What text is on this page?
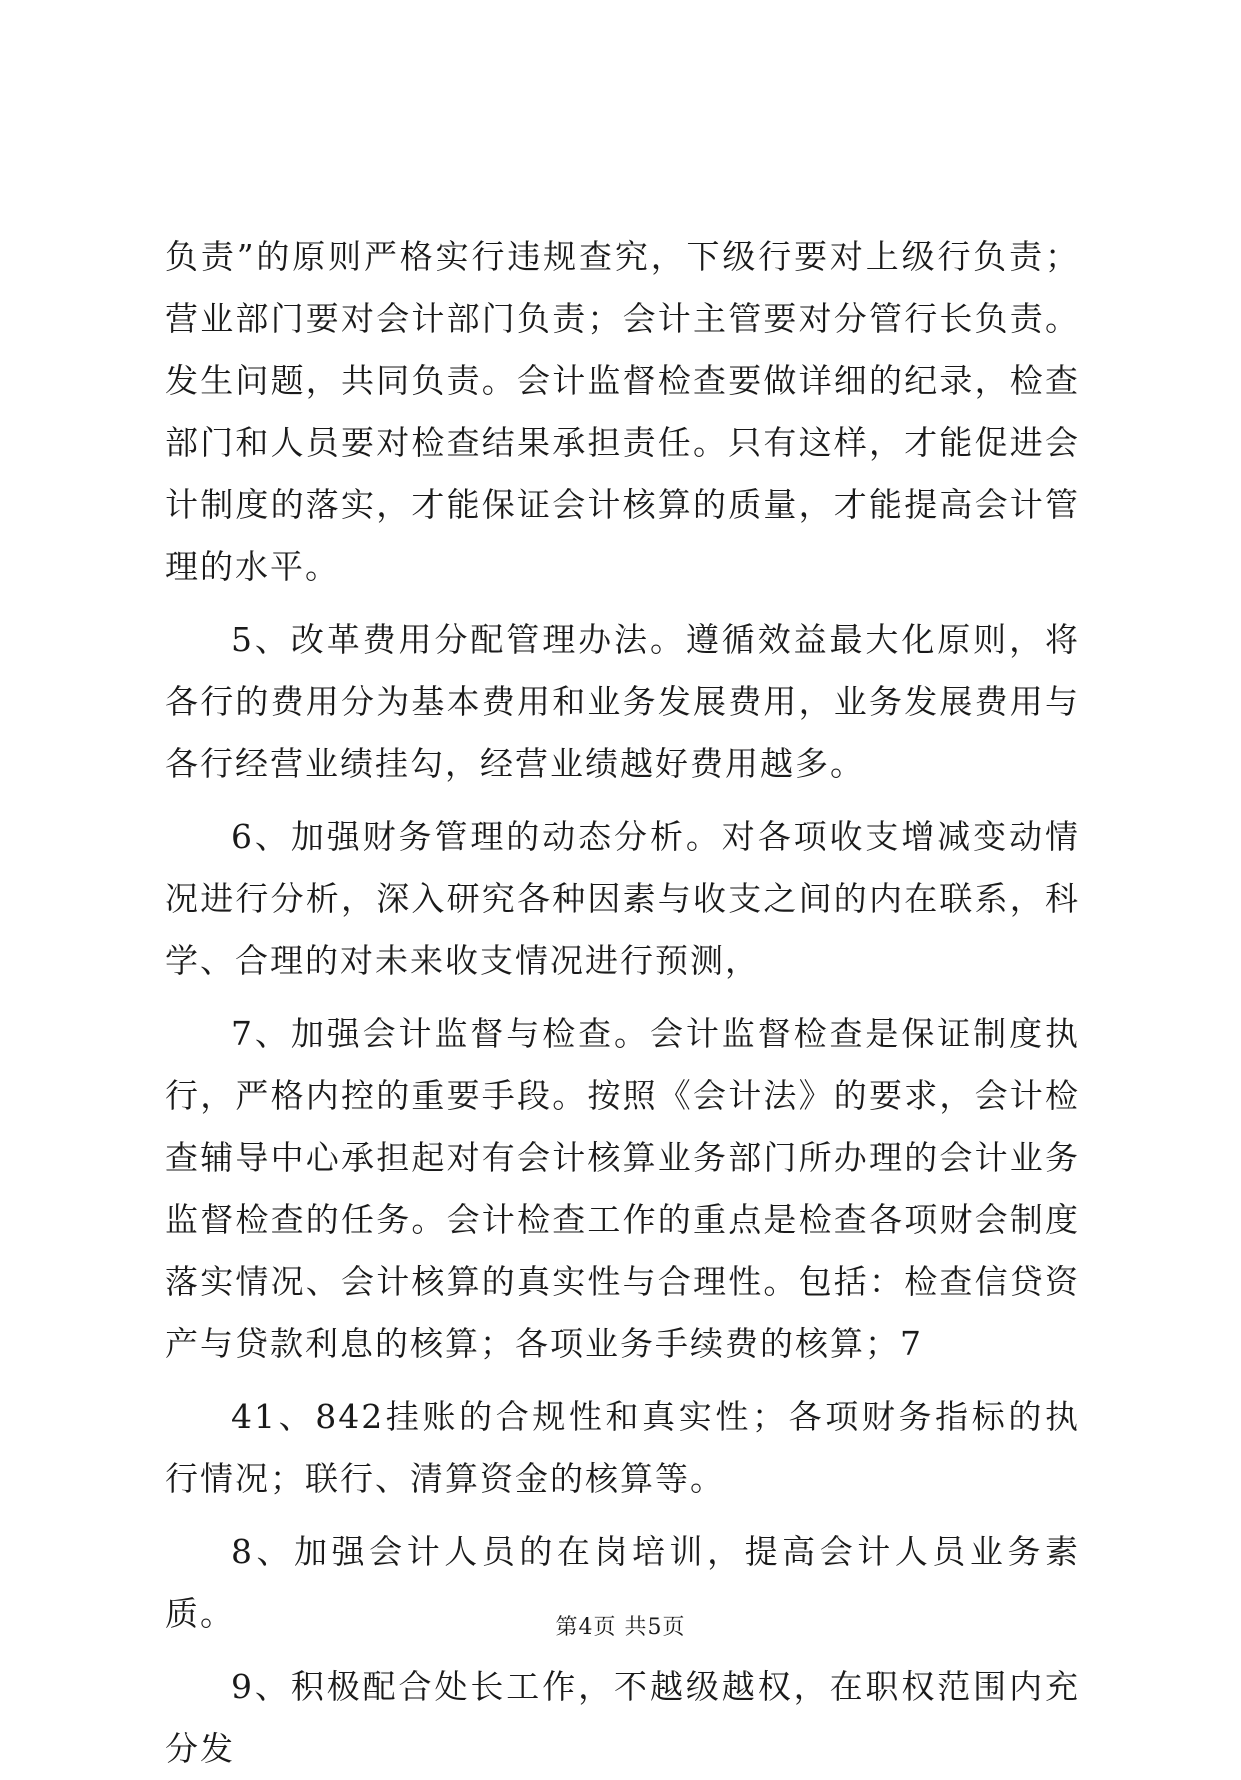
负责”的原则严格实行违规查究，下级行要对上级行负责；营业部门要对会计部门负责；会计主管要对分管行长负责。发生问题，共同负责。会计监督检查要做详细的纪录，检查部门和人员要对检查结果承担责任。只有这样，才能促进会计制度的落实，才能保证会计核算的质量，才能提高会计管理的水平。

5、改革费用分配管理办法。遵循效益最大化原则，将各行的费用分为基本费用和业务发展费用，业务发展费用与各行经营业绩挂勾，经营业绩越好费用越多。

6、加强财务管理的动态分析。对各项收支增减变动情况进行分析，深入研究各种因素与收支之间的内在联系，科学、合理的对未来收支情况进行预测，

7、加强会计监督与检查。会计监督检查是保证制度执行，严格内控的重要手段。按照《会计法》的要求，会计检查辅导中心承担起对有会计核算业务部门所办理的会计业务监督检查的任务。会计检查工作的重点是检查各项财会制度落实情况、会计核算的真实性与合理性。包括：检查信贷资产与贷款利息的核算；各项业务手续费的核算；7

41、842挂账的合规性和真实性；各项财务指标的执行情况；联行、清算资金的核算等。

8、加强会计人员的在岗培训，提高会计人员业务素质。

9、积极配合处长工作，不越级越权，在职权范围内充分发

第4页 共5页
